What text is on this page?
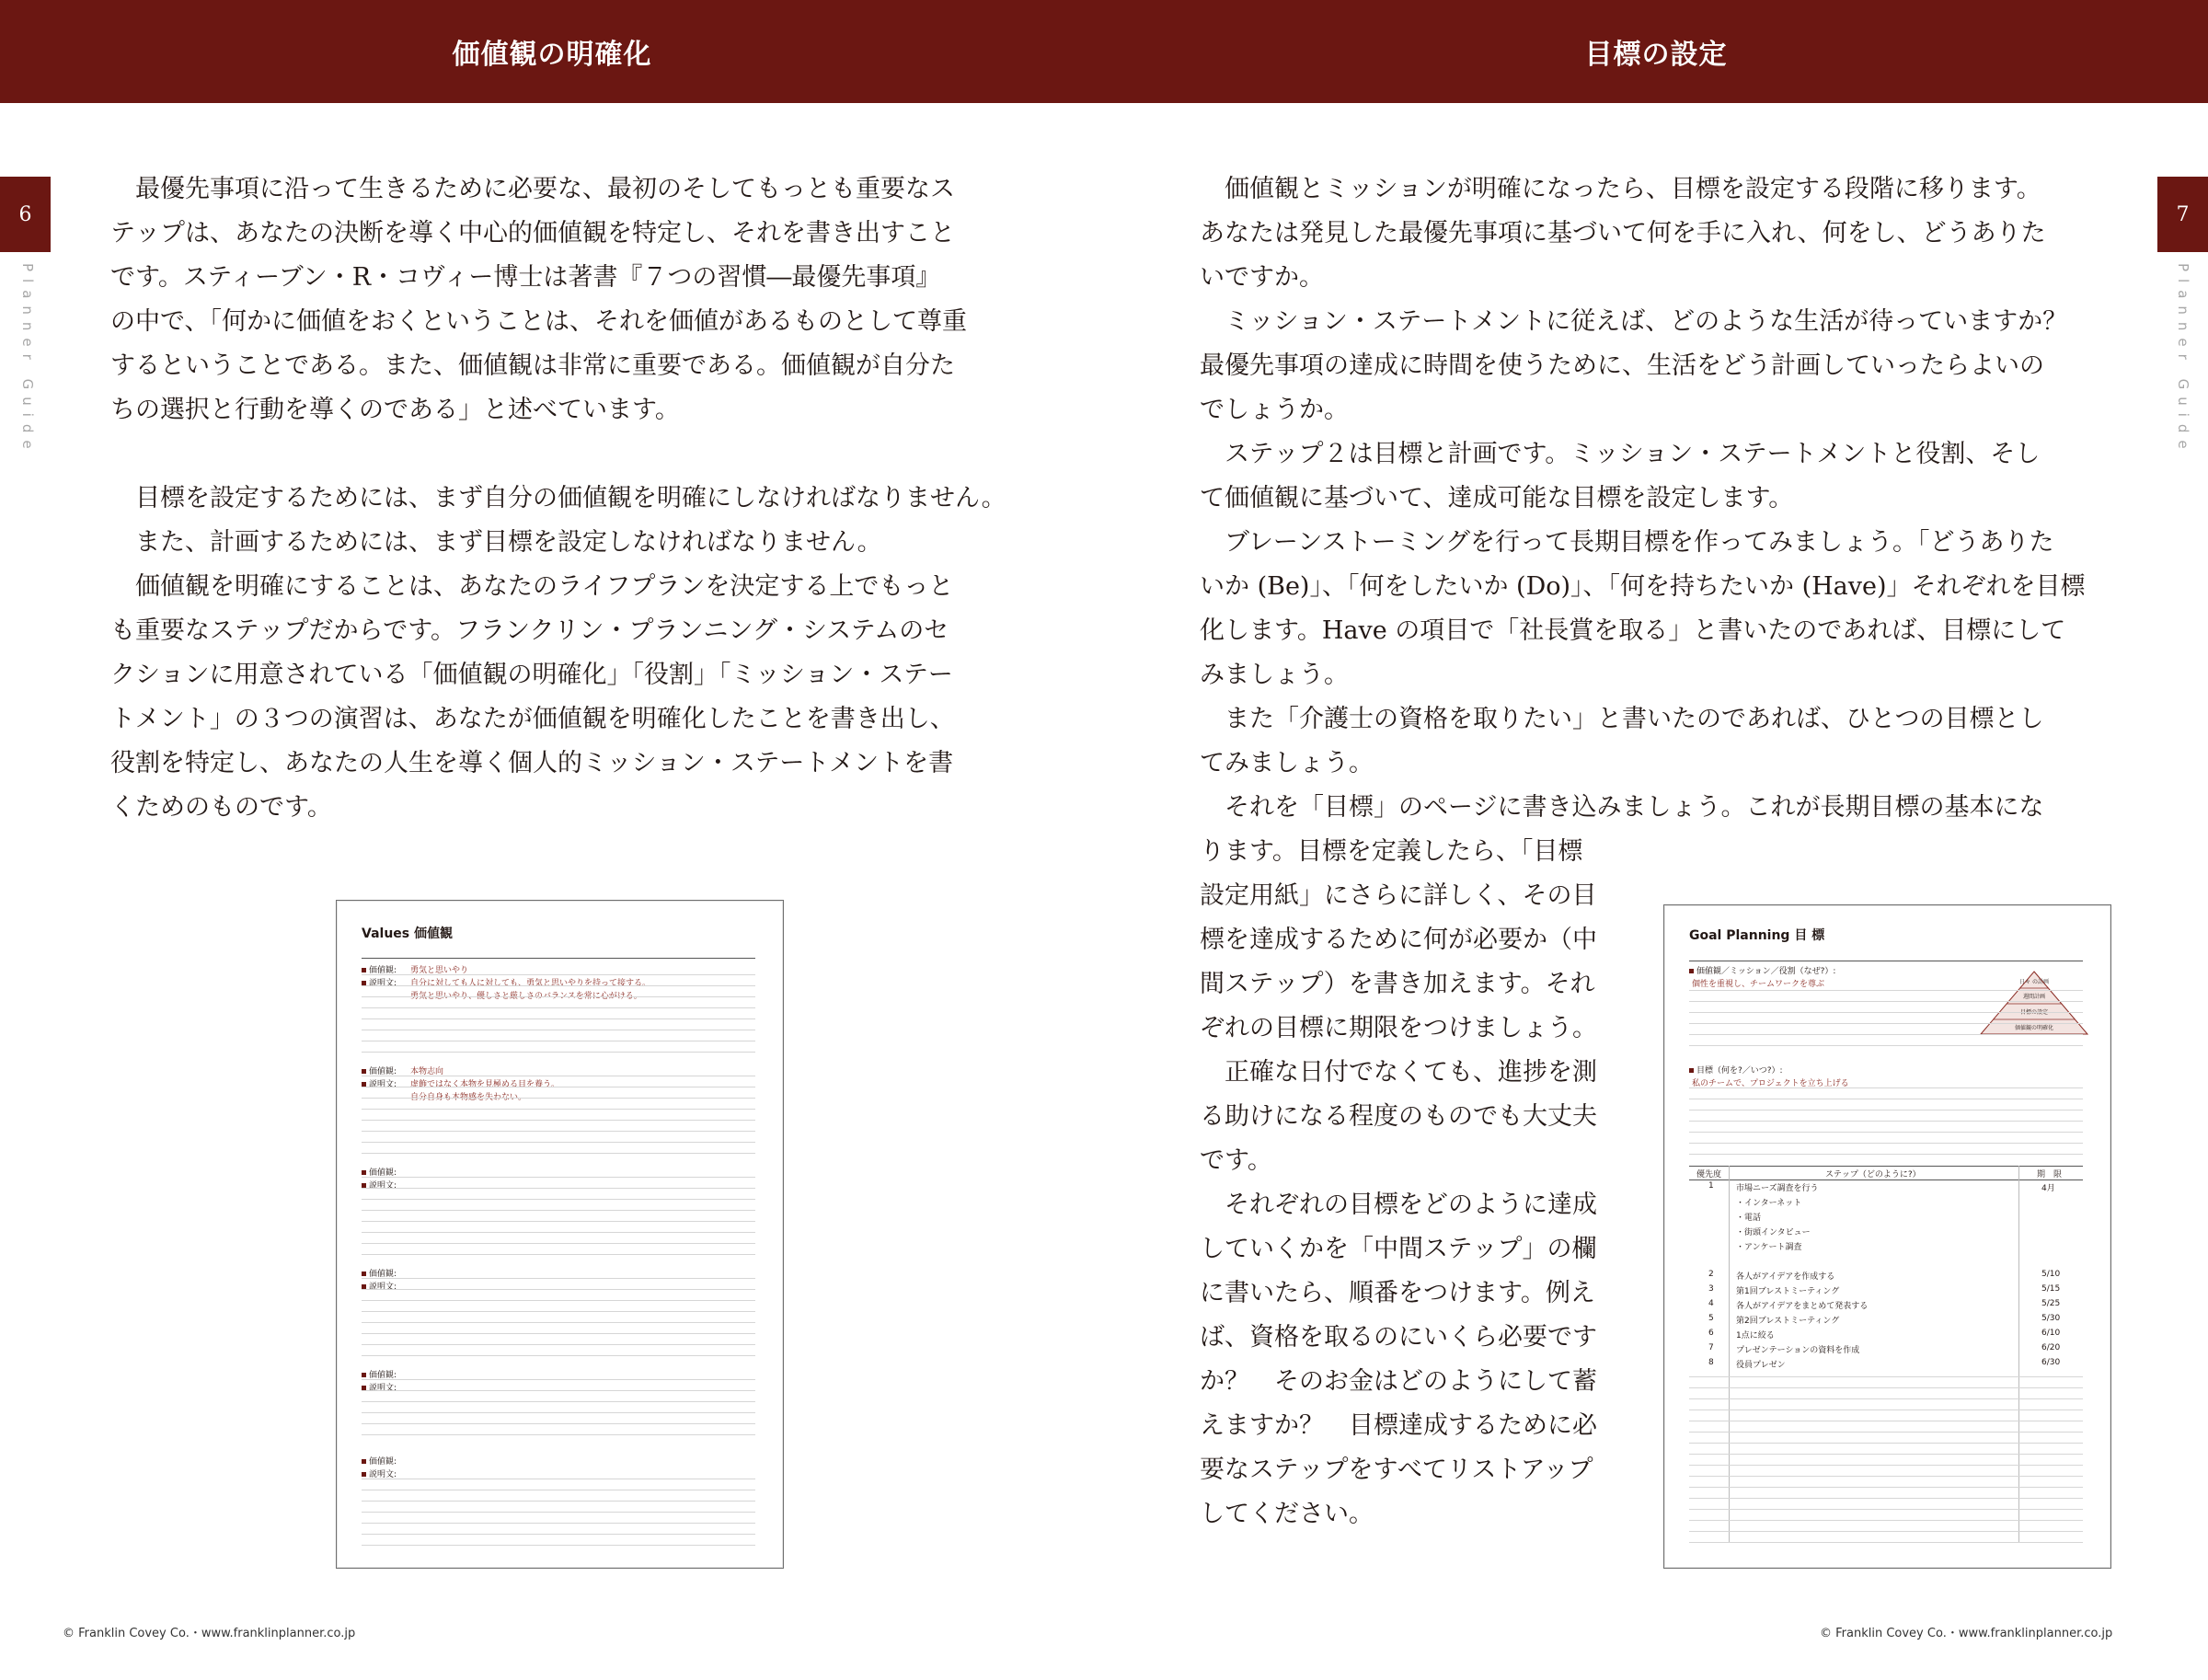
価値観の明確化	目標の設定
6	7
Planner Guide	Planner Guide
最優先事項に沿って生きるために必要な、最初のそしてもっとも重要なス
テップは、あなたの決断を導く中心的価値観を特定し、それを書き出すこと
です。スティーブン・R・コヴィー博士は著書『７つの習慣―最優先事項』
の中で、「何かに価値をおくということは、それを価値があるものとして尊重
するということである。また、価値観は非常に重要である。価値観が自分た
ちの選択と行動を導くのである」と述べています。
目標を設定するためには、まず自分の価値観を明確にしなければなりません。
また、計画するためには、まず目標を設定しなければなりません。
価値観を明確にすることは、あなたのライフプランを決定する上でもっと
も重要なステップだからです。フランクリン・プランニング・システムのセ
クションに用意されている「価値観の明確化」「役割」「ミッション・ステー
トメント」の３つの演習は、あなたが価値観を明確化したことを書き出し、
役割を特定し、あなたの人生を導く個人的ミッション・ステートメントを書
くためのものです。
価値観とミッションが明確になったら、目標を設定する段階に移ります。
あなたは発見した最優先事項に基づいて何を手に入れ、何をし、どうありた
いですか。
ミッション・ステートメントに従えば、どのような生活が待っていますか？
最優先事項の達成に時間を使うために、生活をどう計画していったらよいの
でしょうか。
ステップ２は目標と計画です。ミッション・ステートメントと役割、そし
て価値観に基づいて、達成可能な目標を設定します。
ブレーンストーミングを行って長期目標を作ってみましょう。「どうありた
いか (Be)」、「何をしたいか (Do)」、「何を持ちたいか (Have)」それぞれを目標
化します。Have の項目で「社長賞を取る」と書いたのであれば、目標にして
みましょう。
また「介護士の資格を取りたい」と書いたのであれば、ひとつの目標とし
てみましょう。
それを「目標」のページに書き込みましょう。これが長期目標の基本にな
ります。目標を定義したら、「目標
設定用紙」にさらに詳しく、その目
標を達成するために何が必要か（中
間ステップ）を書き加えます。それ
ぞれの目標に期限をつけましょう。
正確な日付でなくても、進捗を測
る助けになる程度のものでも大丈夫
です。
それぞれの目標をどのように達成
していくかを「中間ステップ」の欄
に書いたら、順番をつけます。例え
ば、資格を取るのにいくら必要です
か？　そのお金はどのようにして蓄
えますか？　目標達成するために必
要なステップをすべてリストアップ
してください。
Values 価値観
価値観: 勇気と思いやり
説明文: 自分に対しても人に対しても、勇気と思いやりを持って接する。
勇気と思いやり、優しさと厳しさのバランスを常に心がける。
価値観: 本物志向
説明文: 虚飾ではなく本物を見極める目を養う。
自分自身も本物感を失わない。
価値観:
説明文:
価値観:
説明文:
価値観:
説明文:
価値観:
説明文:
Goal Planning 目 標
価値観／ミッション／役割（なぜ?）:
個性を重視し、チームワークを尊ぶ	日々 の計画
週間計画
目標の設定
価値観の明確化
目標（何を?／いつ?）:
私のチームで、プロジェクトを立ち上げる
優先度	ステップ（どのように?）	期　限
1	市場ニーズ調査を行う	4月
・インターネット
・電話
・街頭インタビュー
・アンケート調査
2	各人がアイデアを作成する	5/10
3	第1回ブレストミーティング	5/15
4	各人がアイデアをまとめて発表する	5/25
5	第2回ブレストミーティング	5/30
6	1点に絞る	6/10
7	プレゼンテーションの資料を作成	6/20
8	役員プレゼン	6/30
© Franklin Covey Co.・www.franklinplanner.co.jp	© Franklin Covey Co.・www.franklinplanner.co.jp
